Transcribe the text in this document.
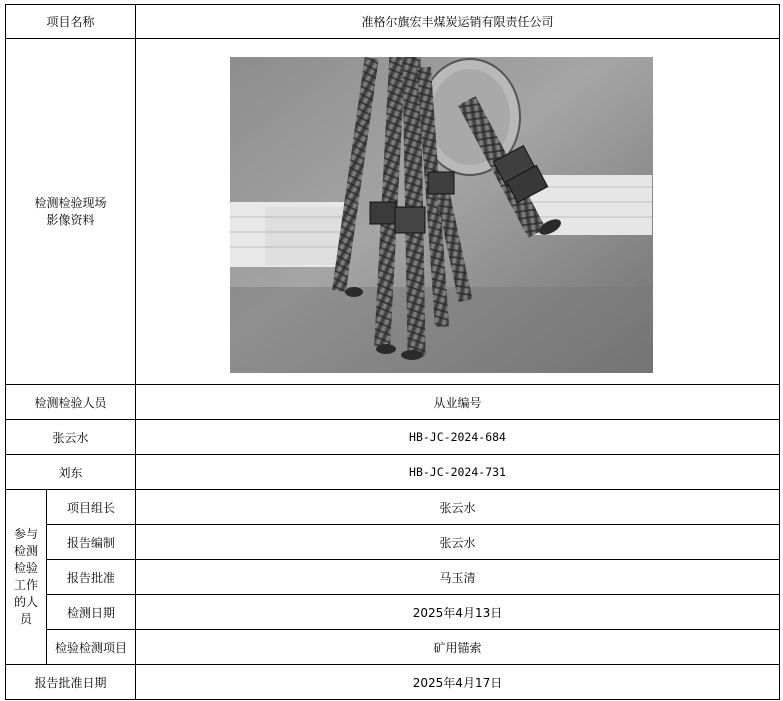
项目名称	准格尔旗宏丰煤炭运销有限责任公司
检测检验现场
影像资料
检测检验人员	从业编号
张云水	HB-JC-2024-684
刘东	HB-JC-2024-731
参与
检测
检验
工作
的人
员
项目组长	张云水
报告编制	张云水
报告批准	马玉清
检测日期	2025年4月13日
检验检测项目	矿用锚索
报告批准日期	2025年4月17日
